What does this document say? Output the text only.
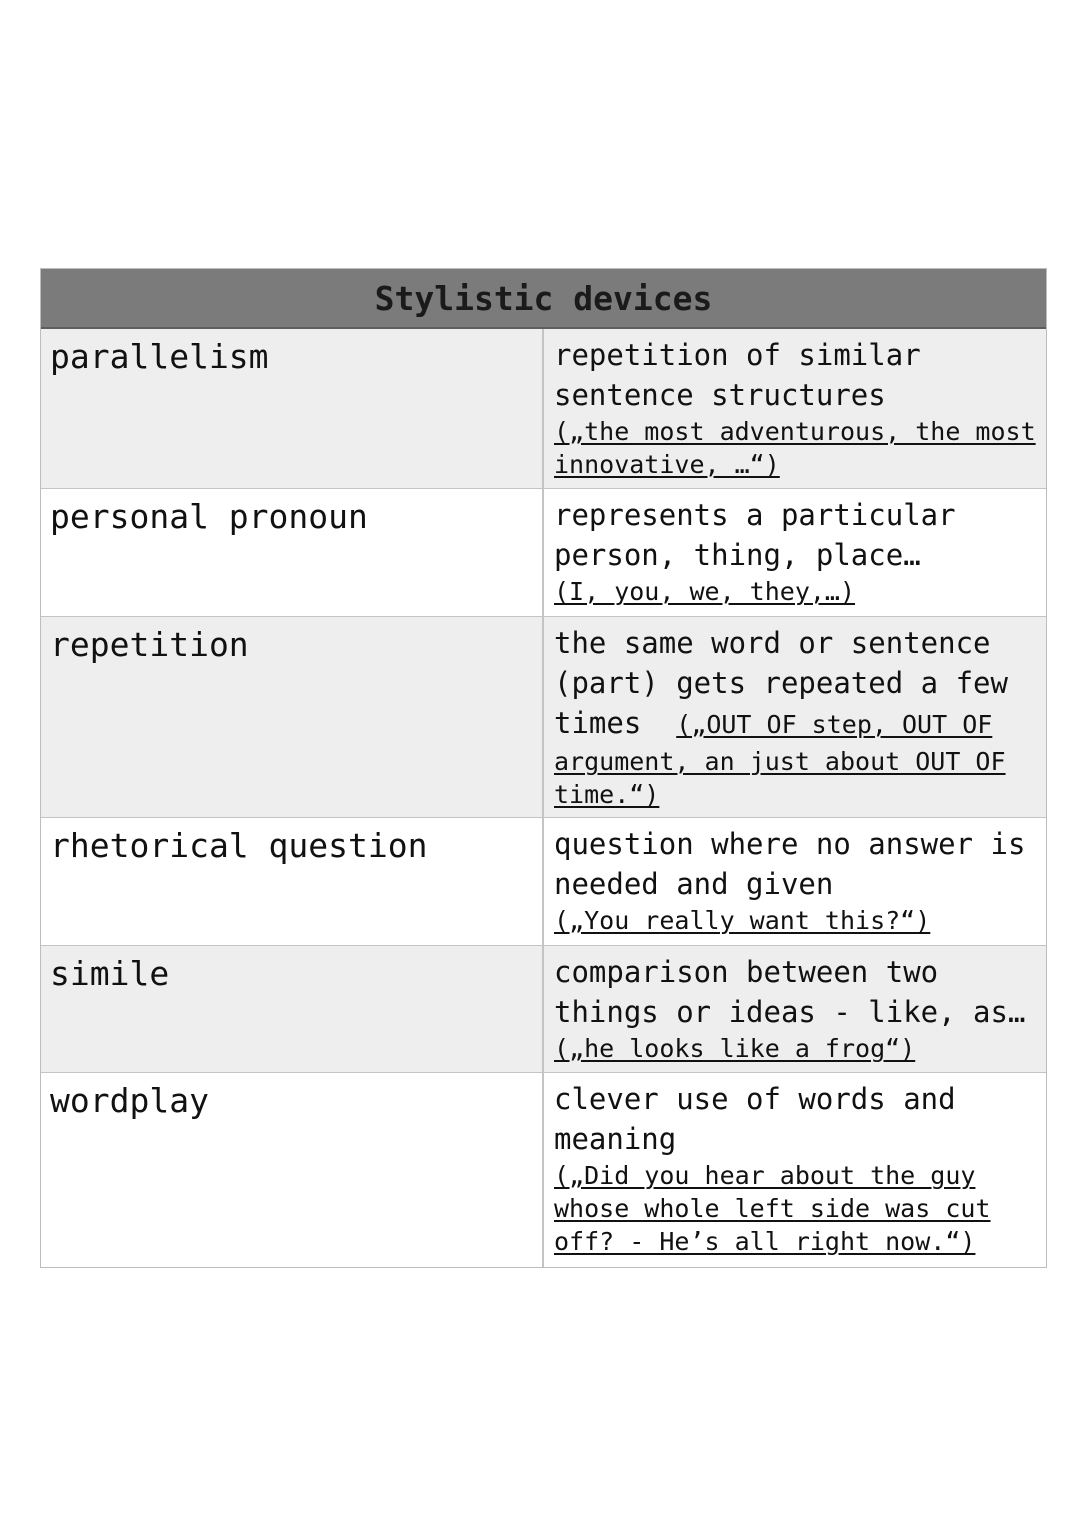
Stylistic devices
parallelism	repetition of similar
sentence structures
(„the most adventurous, the most
innovative, …“)
personal pronoun	represents a particular
person, thing, place…
(I, you, we, they,…)
repetition	the same word or sentence
(part) gets repeated a few
times  („OUT OF step, OUT OF
argument, an just about OUT OF
time.“)
rhetorical question	question where no answer is
needed and given
(„You really want this?“)
simile	comparison between two
things or ideas - like, as…
(„he looks like a frog“)
wordplay	clever use of words and
meaning
(„Did you hear about the guy
whose whole left side was cut
off? - He’s all right now.“)
